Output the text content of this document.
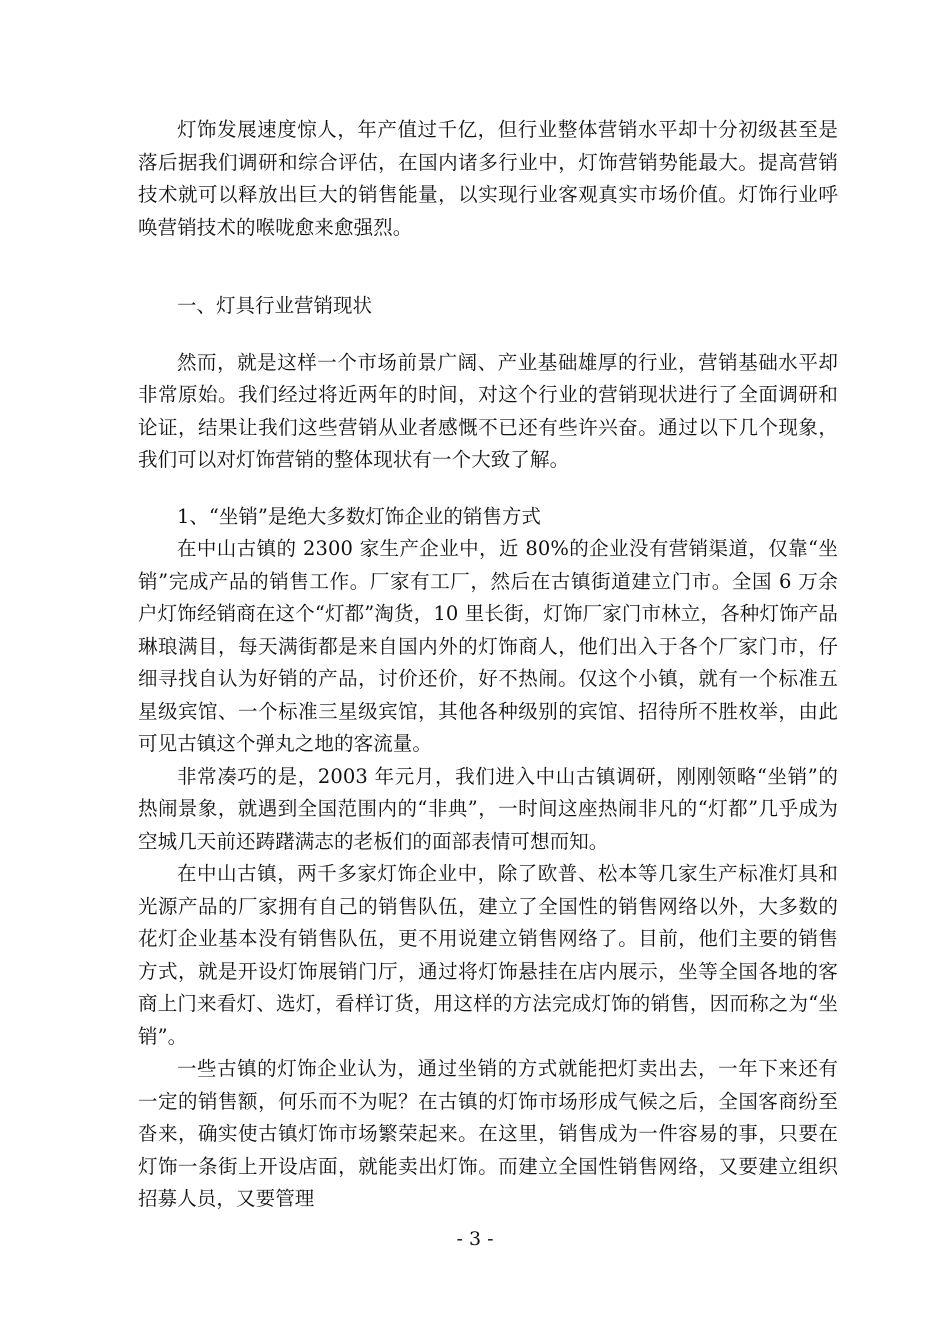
灯饰发展速度惊人，年产值过千亿，但行业整体营销水平却十分初级甚至是落后据我们调研和综合评估，在国内诸多行业中，灯饰营销势能最大。提高营销技术就可以释放出巨大的销售能量，以实现行业客观真实市场价值。灯饰行业呼唤营销技术的喉咙愈来愈强烈。

一、灯具行业营销现状

然而，就是这样一个市场前景广阔、产业基础雄厚的行业，营销基础水平却非常原始。我们经过将近两年的时间，对这个行业的营销现状进行了全面调研和论证，结果让我们这些营销从业者感慨不已还有些许兴奋。通过以下几个现象，我们可以对灯饰营销的整体现状有一个大致了解。

1、“坐销”是绝大多数灯饰企业的销售方式

在中山古镇的 2300 家生产企业中，近 80%的企业没有营销渠道，仅靠“坐销”完成产品的销售工作。厂家有工厂，然后在古镇街道建立门市。全国 6 万余户灯饰经销商在这个“灯都”淘货，10 里长街，灯饰厂家门市林立，各种灯饰产品琳琅满目，每天满街都是来自国内外的灯饰商人，他们出入于各个厂家门市，仔细寻找自认为好销的产品，讨价还价，好不热闹。仅这个小镇，就有一个标准五星级宾馆、一个标准三星级宾馆，其他各种级别的宾馆、招待所不胜枚举，由此可见古镇这个弹丸之地的客流量。

非常凑巧的是，2003 年元月，我们进入中山古镇调研，刚刚领略“坐销”的热闹景象，就遇到全国范围内的“非典”，一时间这座热闹非凡的“灯都”几乎成为空城几天前还踌躇满志的老板们的面部表情可想而知。

在中山古镇，两千多家灯饰企业中，除了欧普、松本等几家生产标准灯具和光源产品的厂家拥有自己的销售队伍，建立了全国性的销售网络以外，大多数的花灯企业基本没有销售队伍，更不用说建立销售网络了。目前，他们主要的销售方式，就是开设灯饰展销门厅，通过将灯饰悬挂在店内展示，坐等全国各地的客商上门来看灯、选灯，看样订货，用这样的方法完成灯饰的销售，因而称之为“坐销”。

一些古镇的灯饰企业认为，通过坐销的方式就能把灯卖出去，一年下来还有一定的销售额，何乐而不为呢？在古镇的灯饰市场形成气候之后，全国客商纷至沓来，确实使古镇灯饰市场繁荣起来。在这里，销售成为一件容易的事，只要在灯饰一条街上开设店面，就能卖出灯饰。而建立全国性销售网络，又要建立组织招募人员，又要管理

- 3 -
